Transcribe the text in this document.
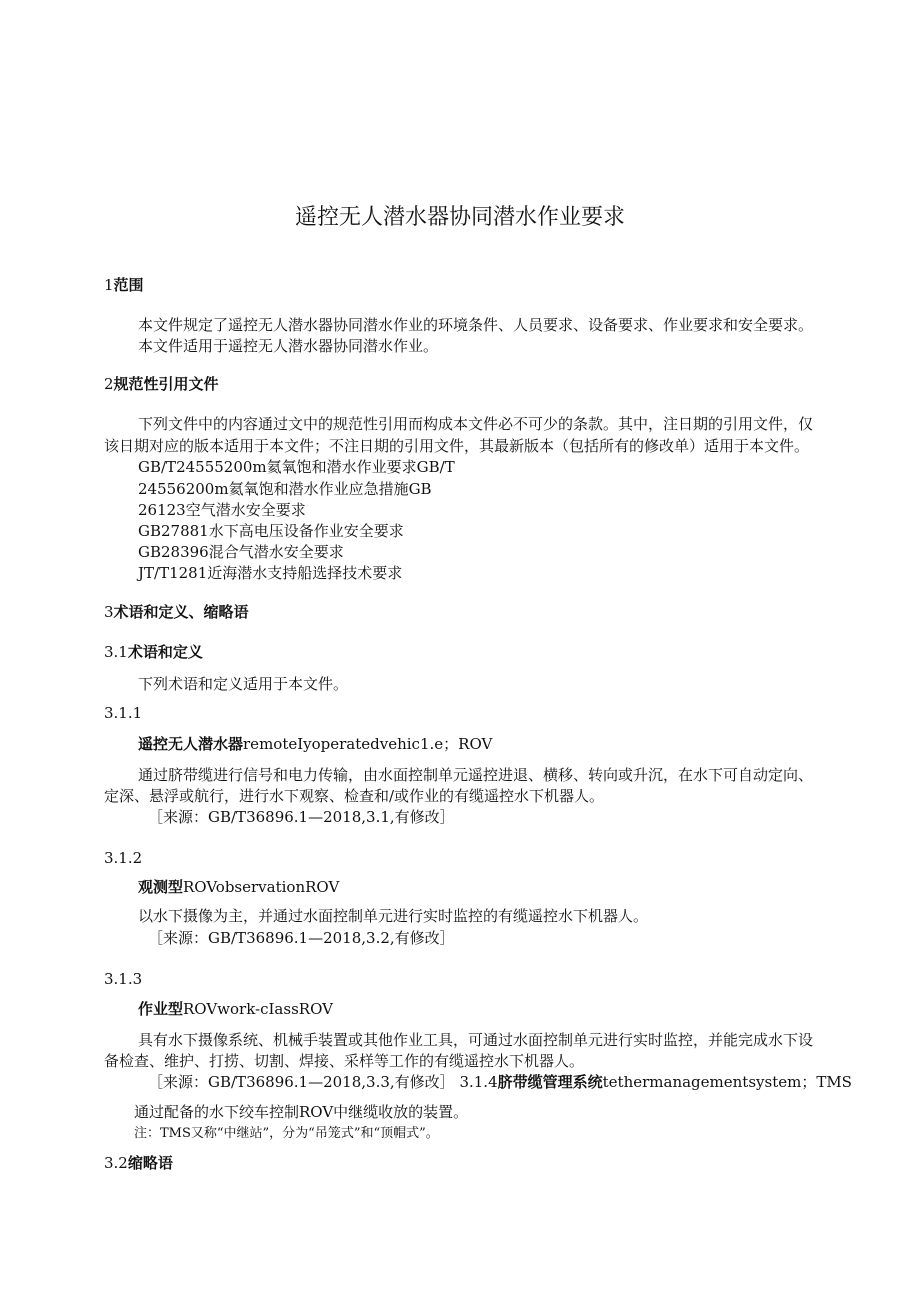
遥控无人潜水器协同潜水作业要求
1范围
本文件规定了遥控无人潜水器协同潜水作业的环境条件、人员要求、设备要求、作业要求和安全要求。
本文件适用于遥控无人潜水器协同潜水作业。
2规范性引用文件
下列文件中的内容通过文中的规范性引用而构成本文件必不可少的条款。其中，注日期的引用文件，仅
该日期对应的版本适用于本文件；不注日期的引用文件，其最新版本（包括所有的修改单）适用于本文件。
GB/T24555200m氦氧饱和潜水作业要求GB/T
24556200m氦氧饱和潜水作业应急措施GB
26123空气潜水安全要求
GB27881水下高电压设备作业安全要求
GB28396混合气潜水安全要求
JT/T1281近海潜水支持船选择技术要求
3术语和定义、缩略语
3.1术语和定义
下列术语和定义适用于本文件。
3.1.1
遥控无人潜水器remoteIyoperatedvehic1.e；ROV
通过脐带缆进行信号和电力传输，由水面控制单元遥控进退、横移、转向或升沉，在水下可自动定向、
定深、悬浮或航行，进行水下观察、检查和/或作业的有缆遥控水下机器人。
［来源：GB/T36896.1—2018,3.1,有修改］
3.1.2
观测型ROVobservationROV
以水下摄像为主，并通过水面控制单元进行实时监控的有缆遥控水下机器人。
［来源：GB/T36896.1—2018,3.2,有修改］
3.1.3
作业型ROVwork-cIassROV
具有水下摄像系统、机械手装置或其他作业工具，可通过水面控制单元进行实时监控，并能完成水下设
备检查、维护、打捞、切割、焊接、采样等工作的有缆遥控水下机器人。
［来源：GB/T36896.1—2018,3.3,有修改］ 3.1.4脐带缆管理系统tethermanagementsystem；TMS
通过配备的水下绞车控制ROV中继缆收放的装置。
注：TMS又称“中继站”，分为“吊笼式”和“顶帽式”。
3.2缩略语
